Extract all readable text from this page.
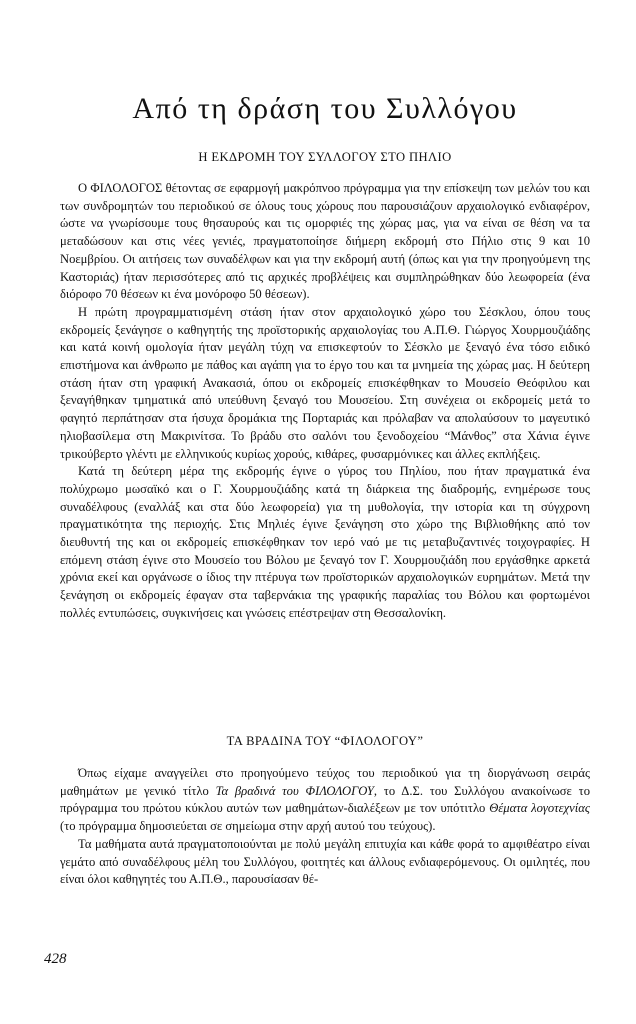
Από τη δράση του Συλλόγου
Η ΕΚΔΡΟΜΗ ΤΟΥ ΣΥΛΛΟΓΟΥ ΣΤΟ ΠΗΛΙΟ

Ο ΦΙΛΟΛΟΓΟΣ θέτοντας σε εφαρμογή μακρόπνοο πρόγραμμα για την επίσκεψη των μελών του και των συνδρομητών του περιοδικού σε όλους τους χώρους που παρουσιάζουν αρχαιολογικό ενδιαφέρον, ώστε να γνωρίσουμε τους θησαυρούς και τις ομορφιές της χώρας μας, για να είναι σε θέση να τα μεταδώσουν και στις νέες γενιές, πραγματοποίησε διήμερη εκδρομή στο Πήλιο στις 9 και 10 Νοεμβρίου. Οι αιτήσεις των συναδέλφων και για την εκδρομή αυτή (όπως και για την προηγούμενη της Καστοριάς) ήταν περισσότερες από τις αρχικές προβλέψεις και συμπληρώθηκαν δύο λεωφορεία (ένα διόροφο 70 θέσεων κι ένα μονόροφο 50 θέσεων).

Η πρώτη προγραμματισμένη στάση ήταν στον αρχαιολογικό χώρο του Σέσκλου, όπου τους εκδρομείς ξενάγησε ο καθηγητής της προϊστορικής αρχαιολογίας του Α.Π.Θ. Γιώργος Χουρμουζιάδης και κατά κοινή ομολογία ήταν μεγάλη τύχη να επισκεφτούν το Σέσκλο με ξεναγό ένα τόσο ειδικό επιστήμονα και άνθρωπο με πάθος και αγάπη για το έργο του και τα μνημεία της χώρας μας. Η δεύτερη στάση ήταν στη γραφική Ανακασιά, όπου οι εκδρομείς επισκέφθηκαν το Μουσείο Θεόφιλου και ξεναγήθηκαν τμηματικά από υπεύθυνη ξεναγό του Μουσείου. Στη συνέχεια οι εκδρομείς μετά το φαγητό περπάτησαν στα ήσυχα δρομάκια της Πορταριάς και πρόλαβαν να απολαύσουν το μαγευτικό ηλιοβασίλεμα στη Μακρινίτσα. Το βράδυ στο σαλόνι του ξενοδοχείου “Μάνθος” στα Χάνια έγινε τρικούβερτο γλέντι με ελληνικούς κυρίως χορούς, κιθάρες, φυσαρμόνικες και άλλες εκπλήξεις.

Κατά τη δεύτερη μέρα της εκδρομής έγινε ο γύρος του Πηλίου, που ήταν πραγματικά ένα πολύχρωμο μωσαϊκό και ο Γ. Χουρμουζιάδης κατά τη διάρκεια της διαδρομής, ενημέρωσε τους συναδέλφους (εναλλάξ και στα δύο λεωφορεία) για τη μυθολογία, την ιστορία και τη σύγχρονη πραγματικότητα της περιοχής. Στις Μηλιές έγινε ξενάγηση στο χώρο της Βιβλιοθήκης από τον διευθυντή της και οι εκδρομείς επισκέφθηκαν τον ιερό ναό με τις μεταβυζαντινές τοιχογραφίες. Η επόμενη στάση έγινε στο Μουσείο του Βόλου με ξεναγό τον Γ. Χουρμουζιάδη που εργάσθηκε αρκετά χρόνια εκεί και οργάνωσε ο ίδιος την πτέρυγα των προϊστορικών αρχαιολογικών ευρημάτων. Μετά την ξενάγηση οι εκδρομείς έφαγαν στα ταβερνάκια της γραφικής παραλίας του Βόλου και φορτωμένοι πολλές εντυπώσεις, συγκινήσεις και γνώσεις επέστρεψαν στη Θεσσαλονίκη.

ΤΑ ΒΡΑΔΙΝΑ ΤΟΥ “ΦΙΛΟΛΟΓΟΥ”

Όπως είχαμε αναγγείλει στο προηγούμενο τεύχος του περιοδικού για τη διοργάνωση σειράς μαθημάτων με γενικό τίτλο Τα βραδινά του ΦΙΛΟΛΟΓΟΥ, το Δ.Σ. του Συλλόγου ανακοίνωσε το πρόγραμμα του πρώτου κύκλου αυτών των μαθημάτων-διαλέξεων με τον υπότιτλο Θέματα λογοτεχνίας (το πρόγραμμα δημοσιεύεται σε σημείωμα στην αρχή αυτού του τεύχους).

Τα μαθήματα αυτά πραγματοποιούνται με πολύ μεγάλη επιτυχία και κάθε φορά το αμφιθέατρο είναι γεμάτο από συναδέλφους μέλη του Συλλόγου, φοιτητές και άλλους ενδιαφερόμενους. Οι ομιλητές, που είναι όλοι καθηγητές του Α.Π.Θ., παρουσίασαν θέ-

428
